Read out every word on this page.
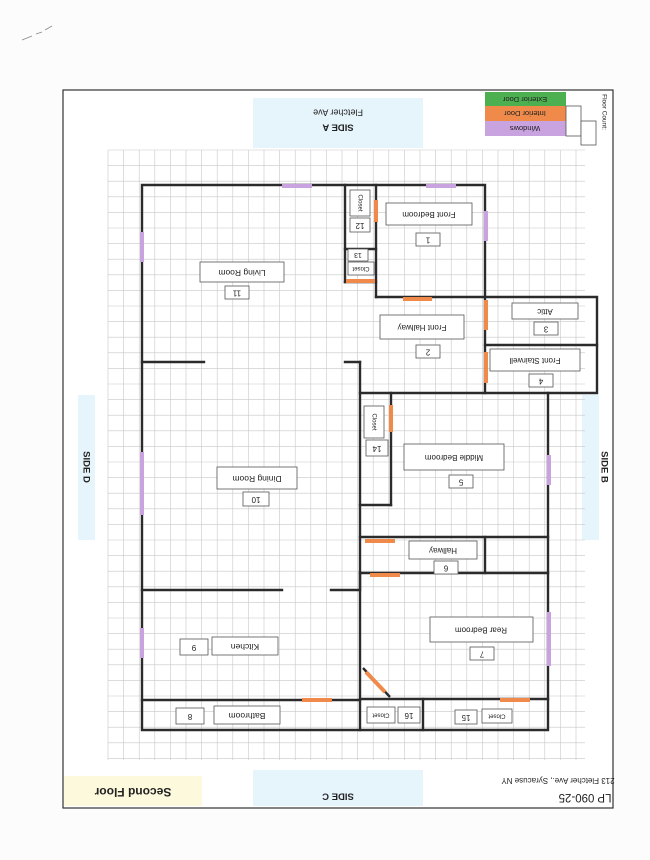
SIDE A
Fletcher Ave
SIDE C
SIDE D	SIDE B
Second Floor	LP 090-25
213 Fletcher Ave., Syracuse NY
Exterior Door
Interior Door
Windows	Floor Count:
Front Bedroom
1
Closet
12
Closet
13
Living Room
11
Front Hallway
2
Attic
3
Front Stairwell
4
Closet
14
Middle Bedroom
5
Dining Room
10
Hallway
6
Rear Bedroom
7
Kitchen
9
Bathroom
8	Closet 16	Closet
15
